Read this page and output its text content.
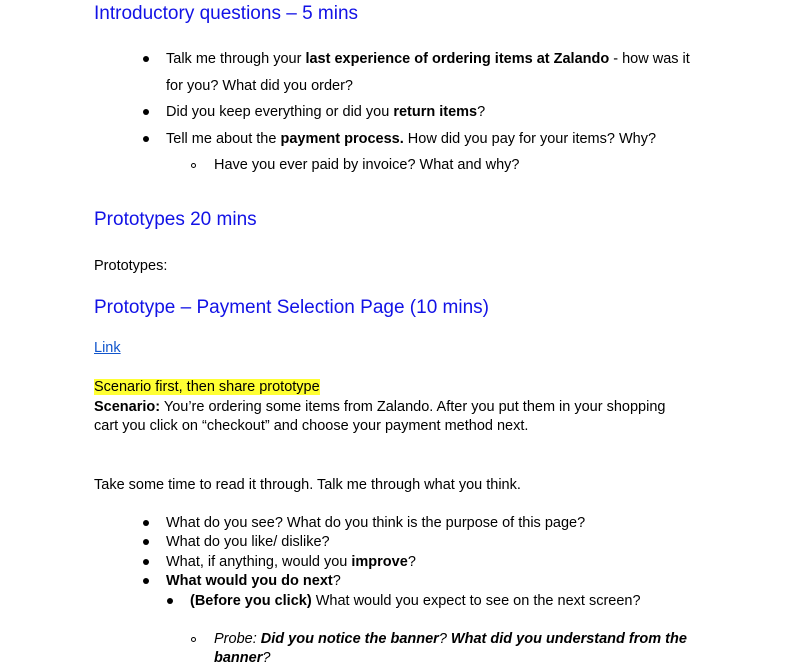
Introductory questions – 5 mins
Talk me through your last experience of ordering items at Zalando - how was it
for you? What did you order?
Did you keep everything or did you return items?
Tell me about the payment process. How did you pay for your items? Why?
Have you ever paid by invoice? What and why?
Prototypes 20 mins
Prototypes:
Prototype – Payment Selection Page (10 mins)
Link
Scenario first, then share prototype
Scenario: You’re ordering some items from Zalando. After you put them in your shopping
cart you click on “checkout” and choose your payment method next.
Take some time to read it through. Talk me through what you think.
What do you see? What do you think is the purpose of this page?
What do you like/ dislike?
What, if anything, would you improve?
What would you do next?
(Before you click) What would you expect to see on the next screen?
Probe: Did you notice the banner? What did you understand from the
banner?
